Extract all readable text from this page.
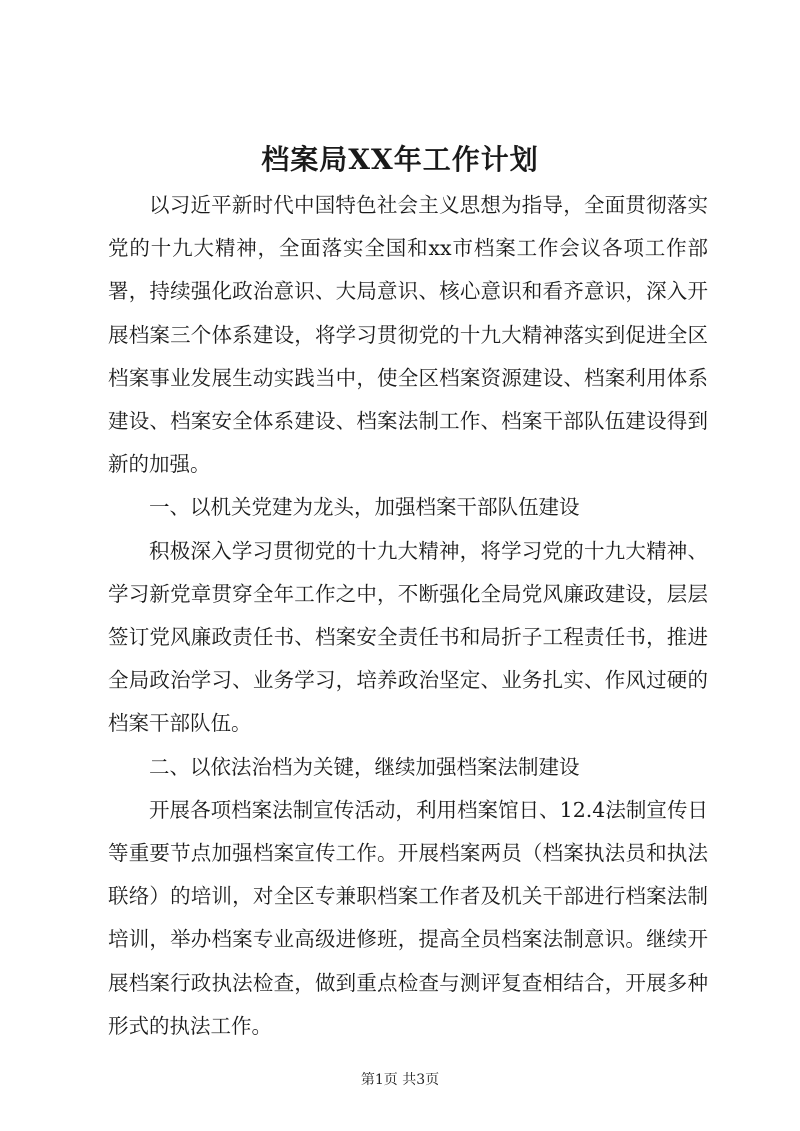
档案局XX年工作计划

以习近平新时代中国特色社会主义思想为指导，全面贯彻落实党的十九大精神，全面落实全国和xx市档案工作会议各项工作部署，持续强化政治意识、大局意识、核心意识和看齐意识，深入开展档案三个体系建设，将学习贯彻党的十九大精神落实到促进全区档案事业发展生动实践当中，使全区档案资源建设、档案利用体系建设、档案安全体系建设、档案法制工作、档案干部队伍建设得到新的加强。

一、以机关党建为龙头，加强档案干部队伍建设

积极深入学习贯彻党的十九大精神，将学习党的十九大精神、学习新党章贯穿全年工作之中，不断强化全局党风廉政建设，层层签订党风廉政责任书、档案安全责任书和局折子工程责任书，推进全局政治学习、业务学习，培养政治坚定、业务扎实、作风过硬的档案干部队伍。

二、以依法治档为关键，继续加强档案法制建设

开展各项档案法制宣传活动，利用档案馆日、12.4法制宣传日等重要节点加强档案宣传工作。开展档案两员（档案执法员和执法联络）的培训，对全区专兼职档案工作者及机关干部进行档案法制培训，举办档案专业高级进修班，提高全员档案法制意识。继续开展档案行政执法检查，做到重点检查与测评复查相结合，开展多种形式的执法工作。

第1页 共3页
